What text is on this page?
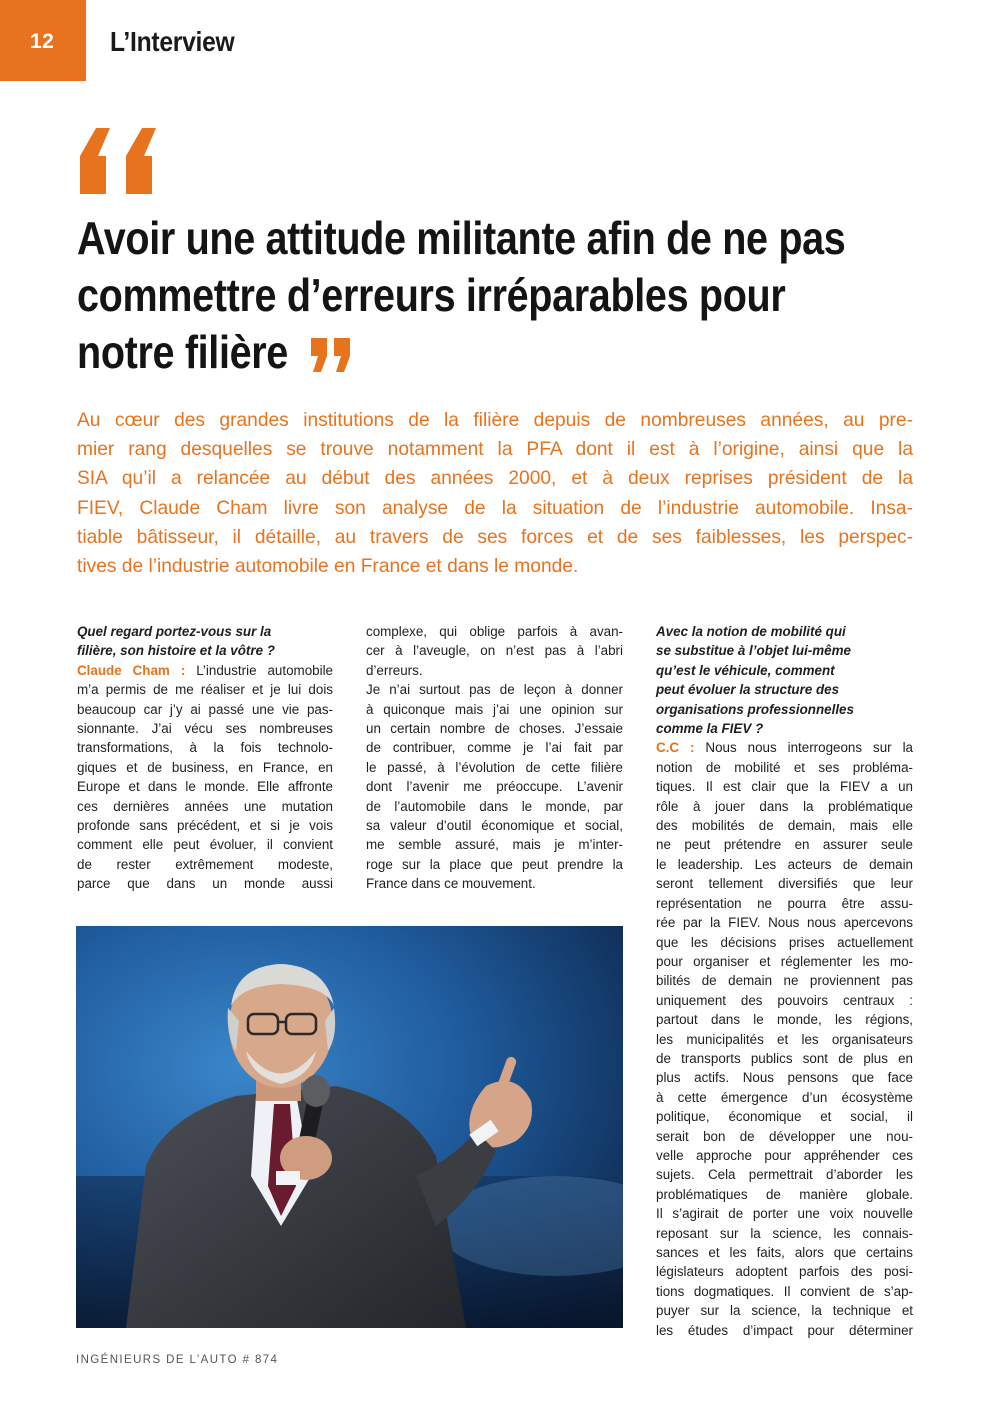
12 L’Interview
Avoir une attitude militante afin de ne pas
commettre d’erreurs irréparables pour
notre filière
Au cœur des grandes institutions de la filière depuis de nombreuses années, au pre-
mier rang desquelles se trouve notamment la PFA dont il est à l’origine, ainsi que la
SIA qu’il a relancée au début des années 2000, et à deux reprises président de la
FIEV, Claude Cham livre son analyse de la situation de l’industrie automobile. Insa-
tiable bâtisseur, il détaille, au travers de ses forces et de ses faiblesses, les perspec-
tives de l’industrie automobile en France et dans le monde.
Quel regard portez-vous sur la
filière, son histoire et la vôtre ?
Claude Cham : L’industrie automobile
m’a permis de me réaliser et je lui dois
beaucoup car j’y ai passé une vie pas-
sionnante. J’ai vécu ses nombreuses
transformations, à la fois technolo-
giques et de business, en France, en
Europe et dans le monde. Elle affronte
ces dernières années une mutation
profonde sans précédent, et si je vois
comment elle peut évoluer, il convient
de rester extrêmement modeste,
parce que dans un monde aussi
complexe, qui oblige parfois à avan-
cer à l’aveugle, on n’est pas à l’abri
d’erreurs.
Je n’ai surtout pas de leçon à donner
à quiconque mais j’ai une opinion sur
un certain nombre de choses. J’essaie
de contribuer, comme je l’ai fait par
le passé, à l’évolution de cette filière
dont l’avenir me préoccupe. L’avenir
de l’automobile dans le monde, par
sa valeur d’outil économique et social,
me semble assuré, mais je m’inter-
roge sur la place que peut prendre la
France dans ce mouvement.
Avec la notion de mobilité qui
se substitue à l’objet lui-même
qu’est le véhicule, comment
peut évoluer la structure des
organisations professionnelles
comme la FIEV ?
C.C : Nous nous interrogeons sur la
notion de mobilité et ses probléma-
tiques. Il est clair que la FIEV a un
rôle à jouer dans la problématique
des mobilités de demain, mais elle
ne peut prétendre en assurer seule
le leadership. Les acteurs de demain
seront tellement diversifiés que leur
représentation ne pourra être assu-
rée par la FIEV. Nous nous apercevons
que les décisions prises actuellement
pour organiser et réglementer les mo-
bilités de demain ne proviennent pas
uniquement des pouvoirs centraux :
partout dans le monde, les régions,
les municipalités et les organisateurs
de transports publics sont de plus en
plus actifs. Nous pensons que face
à cette émergence d’un écosystème
politique, économique et social, il
serait bon de développer une nou-
velle approche pour appréhender ces
sujets. Cela permettrait d’aborder les
problématiques de manière globale.
Il s’agirait de porter une voix nouvelle
reposant sur la science, les connais-
sances et les faits, alors que certains
législateurs adoptent parfois des posi-
tions dogmatiques. Il convient de s’ap-
puyer sur la science, la technique et
les études d’impact pour déterminer
INGÉNIEURS DE L’AUTO # 874
